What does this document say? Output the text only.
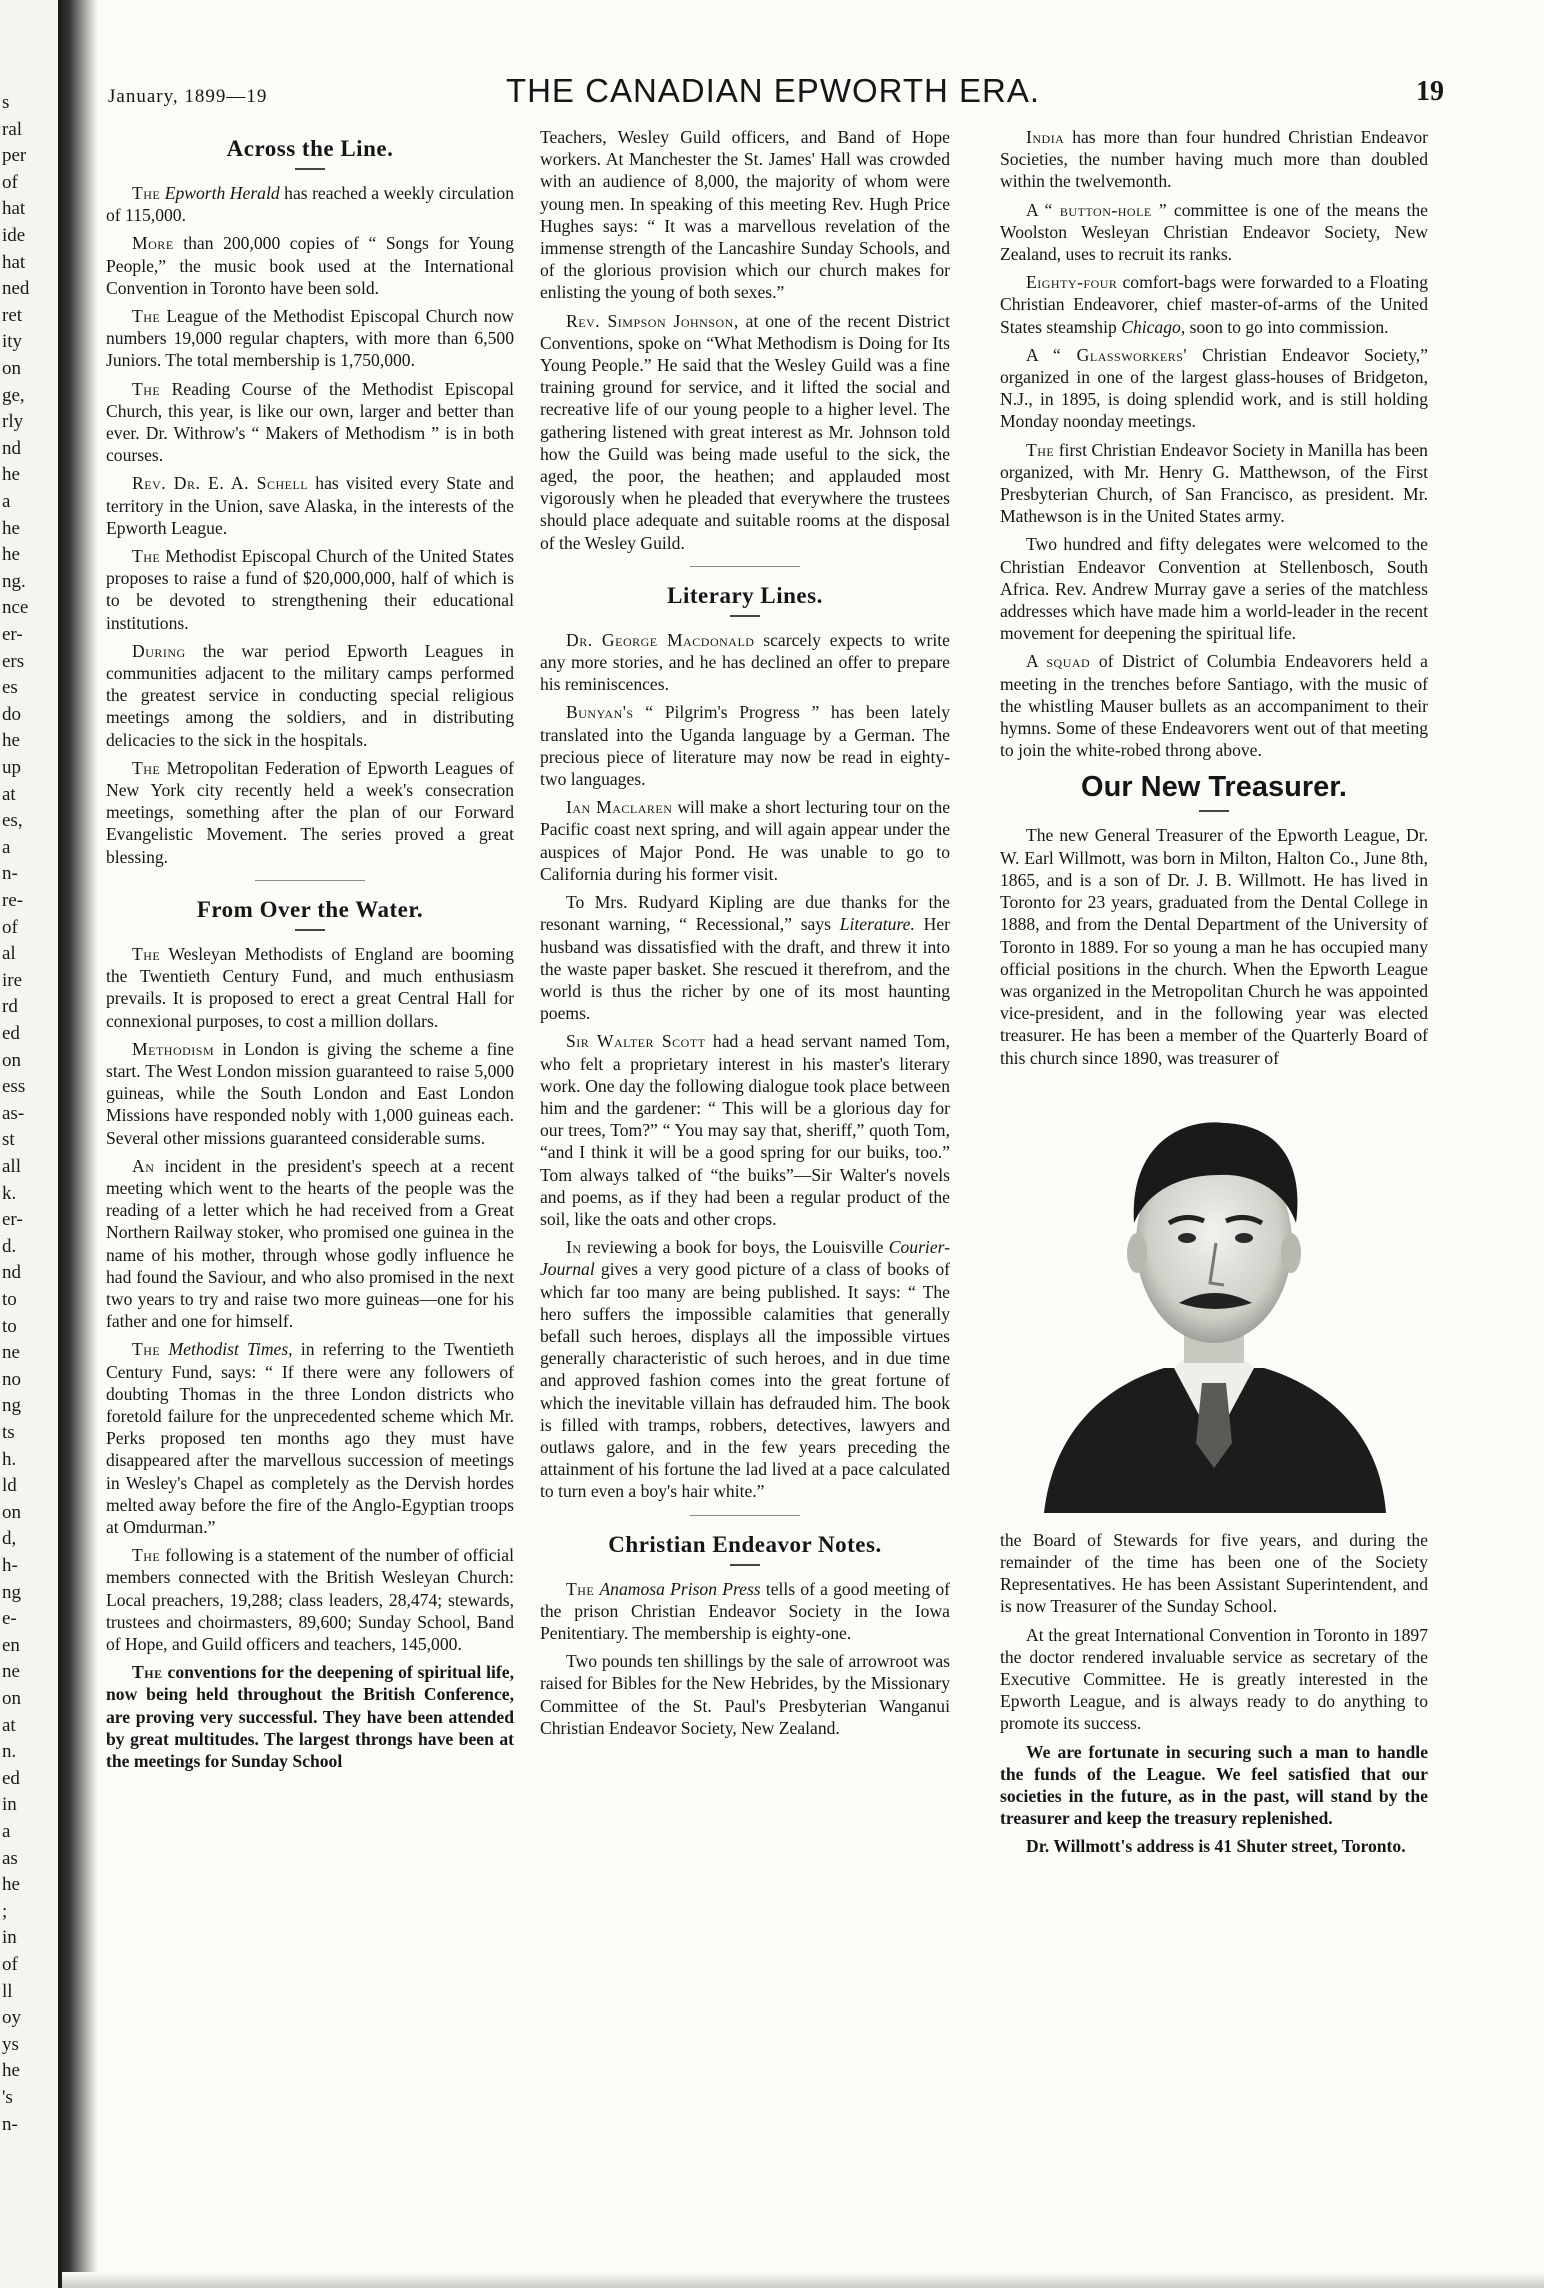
s
ral
per
of
hat
ide
hat
ned
ret
ity
on
ge,
rly
nd
he
a
he
he
ng.
nce
er-
ers
es
do
he
up
at
es,
a
n-
re-
of
al
ire
rd
ed
on
ess
as-
st
all
k.
er-
d.
nd
to
to
ne
no
ng
ts
h.
ld
on
d,
h-
ng
e-
en
ne
on
at
n.
ed
in
a
as
he
;
in
of
ll
oy
ys
he
's
n-
January, 1899—19	THE CANADIAN EPWORTH ERA.	19
Across the Line.

The Epworth Herald has reached a weekly circulation of 115,000.

More than 200,000 copies of “ Songs for Young People,” the music book used at the International Convention in Toronto have been sold.

The League of the Methodist Episcopal Church now numbers 19,000 regular chapters, with more than 6,500 Juniors. The total membership is 1,750,000.

The Reading Course of the Methodist Episcopal Church, this year, is like our own, larger and better than ever. Dr. Withrow's “ Makers of Methodism ” is in both courses.

Rev. Dr. E. A. Schell has visited every State and territory in the Union, save Alaska, in the interests of the Epworth League.

The Methodist Episcopal Church of the United States proposes to raise a fund of $20,000,000, half of which is to be devoted to strengthening their educational institutions.

During the war period Epworth Leagues in communities adjacent to the military camps performed the greatest service in conducting special religious meetings among the soldiers, and in distributing delicacies to the sick in the hospitals.

The Metropolitan Federation of Epworth Leagues of New York city recently held a week's consecration meetings, something after the plan of our Forward Evangelistic Movement. The series proved a great blessing.

From Over the Water.

The Wesleyan Methodists of England are booming the Twentieth Century Fund, and much enthusiasm prevails. It is proposed to erect a great Central Hall for connexional purposes, to cost a million dollars.

Methodism in London is giving the scheme a fine start. The West London mission guaranteed to raise 5,000 guineas, while the South London and East London Missions have responded nobly with 1,000 guineas each. Several other missions guaranteed considerable sums.

An incident in the president's speech at a recent meeting which went to the hearts of the people was the reading of a letter which he had received from a Great Northern Railway stoker, who promised one guinea in the name of his mother, through whose godly influence he had found the Saviour, and who also promised in the next two years to try and raise two more guineas—one for his father and one for himself.

The Methodist Times, in referring to the Twentieth Century Fund, says: “ If there were any followers of doubting Thomas in the three London districts who foretold failure for the unprecedented scheme which Mr. Perks proposed ten months ago they must have disappeared after the marvellous succession of meetings in Wesley's Chapel as completely as the Dervish hordes melted away before the fire of the Anglo-Egyptian troops at Omdurman.”

The following is a statement of the number of official members connected with the British Wesleyan Church: Local preachers, 19,288; class leaders, 28,474; stewards, trustees and choirmasters, 89,600; Sunday School, Band of Hope, and Guild officers and teachers, 145,000.

The conventions for the deepening of spiritual life, now being held throughout the British Conference, are proving very successful. They have been attended by great multitudes. The largest throngs have been at the meetings for Sunday School

Teachers, Wesley Guild officers, and Band of Hope workers. At Manchester the St. James' Hall was crowded with an audience of 8,000, the majority of whom were young men. In speaking of this meeting Rev. Hugh Price Hughes says: “ It was a marvellous revelation of the immense strength of the Lancashire Sunday Schools, and of the glorious provision which our church makes for enlisting the young of both sexes.”

Rev. Simpson Johnson, at one of the recent District Conventions, spoke on “What Methodism is Doing for Its Young People.” He said that the Wesley Guild was a fine training ground for service, and it lifted the social and recreative life of our young people to a higher level. The gathering listened with great interest as Mr. Johnson told how the Guild was being made useful to the sick, the aged, the poor, the heathen; and applauded most vigorously when he pleaded that everywhere the trustees should place adequate and suitable rooms at the disposal of the Wesley Guild.

Literary Lines.

Dr. George Macdonald scarcely expects to write any more stories, and he has declined an offer to prepare his reminiscences.

Bunyan's “ Pilgrim's Progress ” has been lately translated into the Uganda language by a German. The precious piece of literature may now be read in eighty-two languages.

Ian Maclaren will make a short lecturing tour on the Pacific coast next spring, and will again appear under the auspices of Major Pond. He was unable to go to California during his former visit.

To Mrs. Rudyard Kipling are due thanks for the resonant warning, “ Recessional,” says Literature. Her husband was dissatisfied with the draft, and threw it into the waste paper basket. She rescued it therefrom, and the world is thus the richer by one of its most haunting poems.

Sir Walter Scott had a head servant named Tom, who felt a proprietary interest in his master's literary work. One day the following dialogue took place between him and the gardener: “ This will be a glorious day for our trees, Tom?” “ You may say that, sheriff,” quoth Tom, “and I think it will be a good spring for our buiks, too.” Tom always talked of “the buiks”—Sir Walter's novels and poems, as if they had been a regular product of the soil, like the oats and other crops.

In reviewing a book for boys, the Louisville Courier-Journal gives a very good picture of a class of books of which far too many are being published. It says: “ The hero suffers the impossible calamities that generally befall such heroes, displays all the impossible virtues generally characteristic of such heroes, and in due time and approved fashion comes into the great fortune of which the inevitable villain has defrauded him. The book is filled with tramps, robbers, detectives, lawyers and outlaws galore, and in the few years preceding the attainment of his fortune the lad lived at a pace calculated to turn even a boy's hair white.”

Christian Endeavor Notes.

The Anamosa Prison Press tells of a good meeting of the prison Christian Endeavor Society in the Iowa Penitentiary. The membership is eighty-one.

Two pounds ten shillings by the sale of arrowroot was raised for Bibles for the New Hebrides, by the Missionary Committee of the St. Paul's Presbyterian Wanganui Christian Endeavor Society, New Zealand.

India has more than four hundred Christian Endeavor Societies, the number having much more than doubled within the twelvemonth.

A “ button-hole ” committee is one of the means the Woolston Wesleyan Christian Endeavor Society, New Zealand, uses to recruit its ranks.

Eighty-four comfort-bags were forwarded to a Floating Christian Endeavorer, chief master-of-arms of the United States steamship Chicago, soon to go into commission.

A “ Glassworkers' Christian Endeavor Society,” organized in one of the largest glass-houses of Bridgeton, N.J., in 1895, is doing splendid work, and is still holding Monday noonday meetings.

The first Christian Endeavor Society in Manilla has been organized, with Mr. Henry G. Matthewson, of the First Presbyterian Church, of San Francisco, as president. Mr. Mathewson is in the United States army.

Two hundred and fifty delegates were welcomed to the Christian Endeavor Convention at Stellenbosch, South Africa. Rev. Andrew Murray gave a series of the matchless addresses which have made him a world-leader in the recent movement for deepening the spiritual life.

A squad of District of Columbia Endeavorers held a meeting in the trenches before Santiago, with the music of the whistling Mauser bullets as an accompaniment to their hymns. Some of these Endeavorers went out of that meeting to join the white-robed throng above.

Our New Treasurer.

The new General Treasurer of the Epworth League, Dr. W. Earl Willmott, was born in Milton, Halton Co., June 8th, 1865, and is a son of Dr. J. B. Willmott. He has lived in Toronto for 23 years, graduated from the Dental College in 1888, and from the Dental Department of the University of Toronto in 1889. For so young a man he has occupied many official positions in the church. When the Epworth League was organized in the Metropolitan Church he was appointed vice-president, and in the following year was elected treasurer. He has been a member of the Quarterly Board of this church since 1890, was treasurer of

the Board of Stewards for five years, and during the remainder of the time has been one of the Society Representatives. He has been Assistant Superintendent, and is now Treasurer of the Sunday School.

At the great International Convention in Toronto in 1897 the doctor rendered invaluable service as secretary of the Executive Committee. He is greatly interested in the Epworth League, and is always ready to do anything to promote its success.

We are fortunate in securing such a man to handle the funds of the League. We feel satisfied that our societies in the future, as in the past, will stand by the treasurer and keep the treasury replenished.

Dr. Willmott's address is 41 Shuter street, Toronto.
